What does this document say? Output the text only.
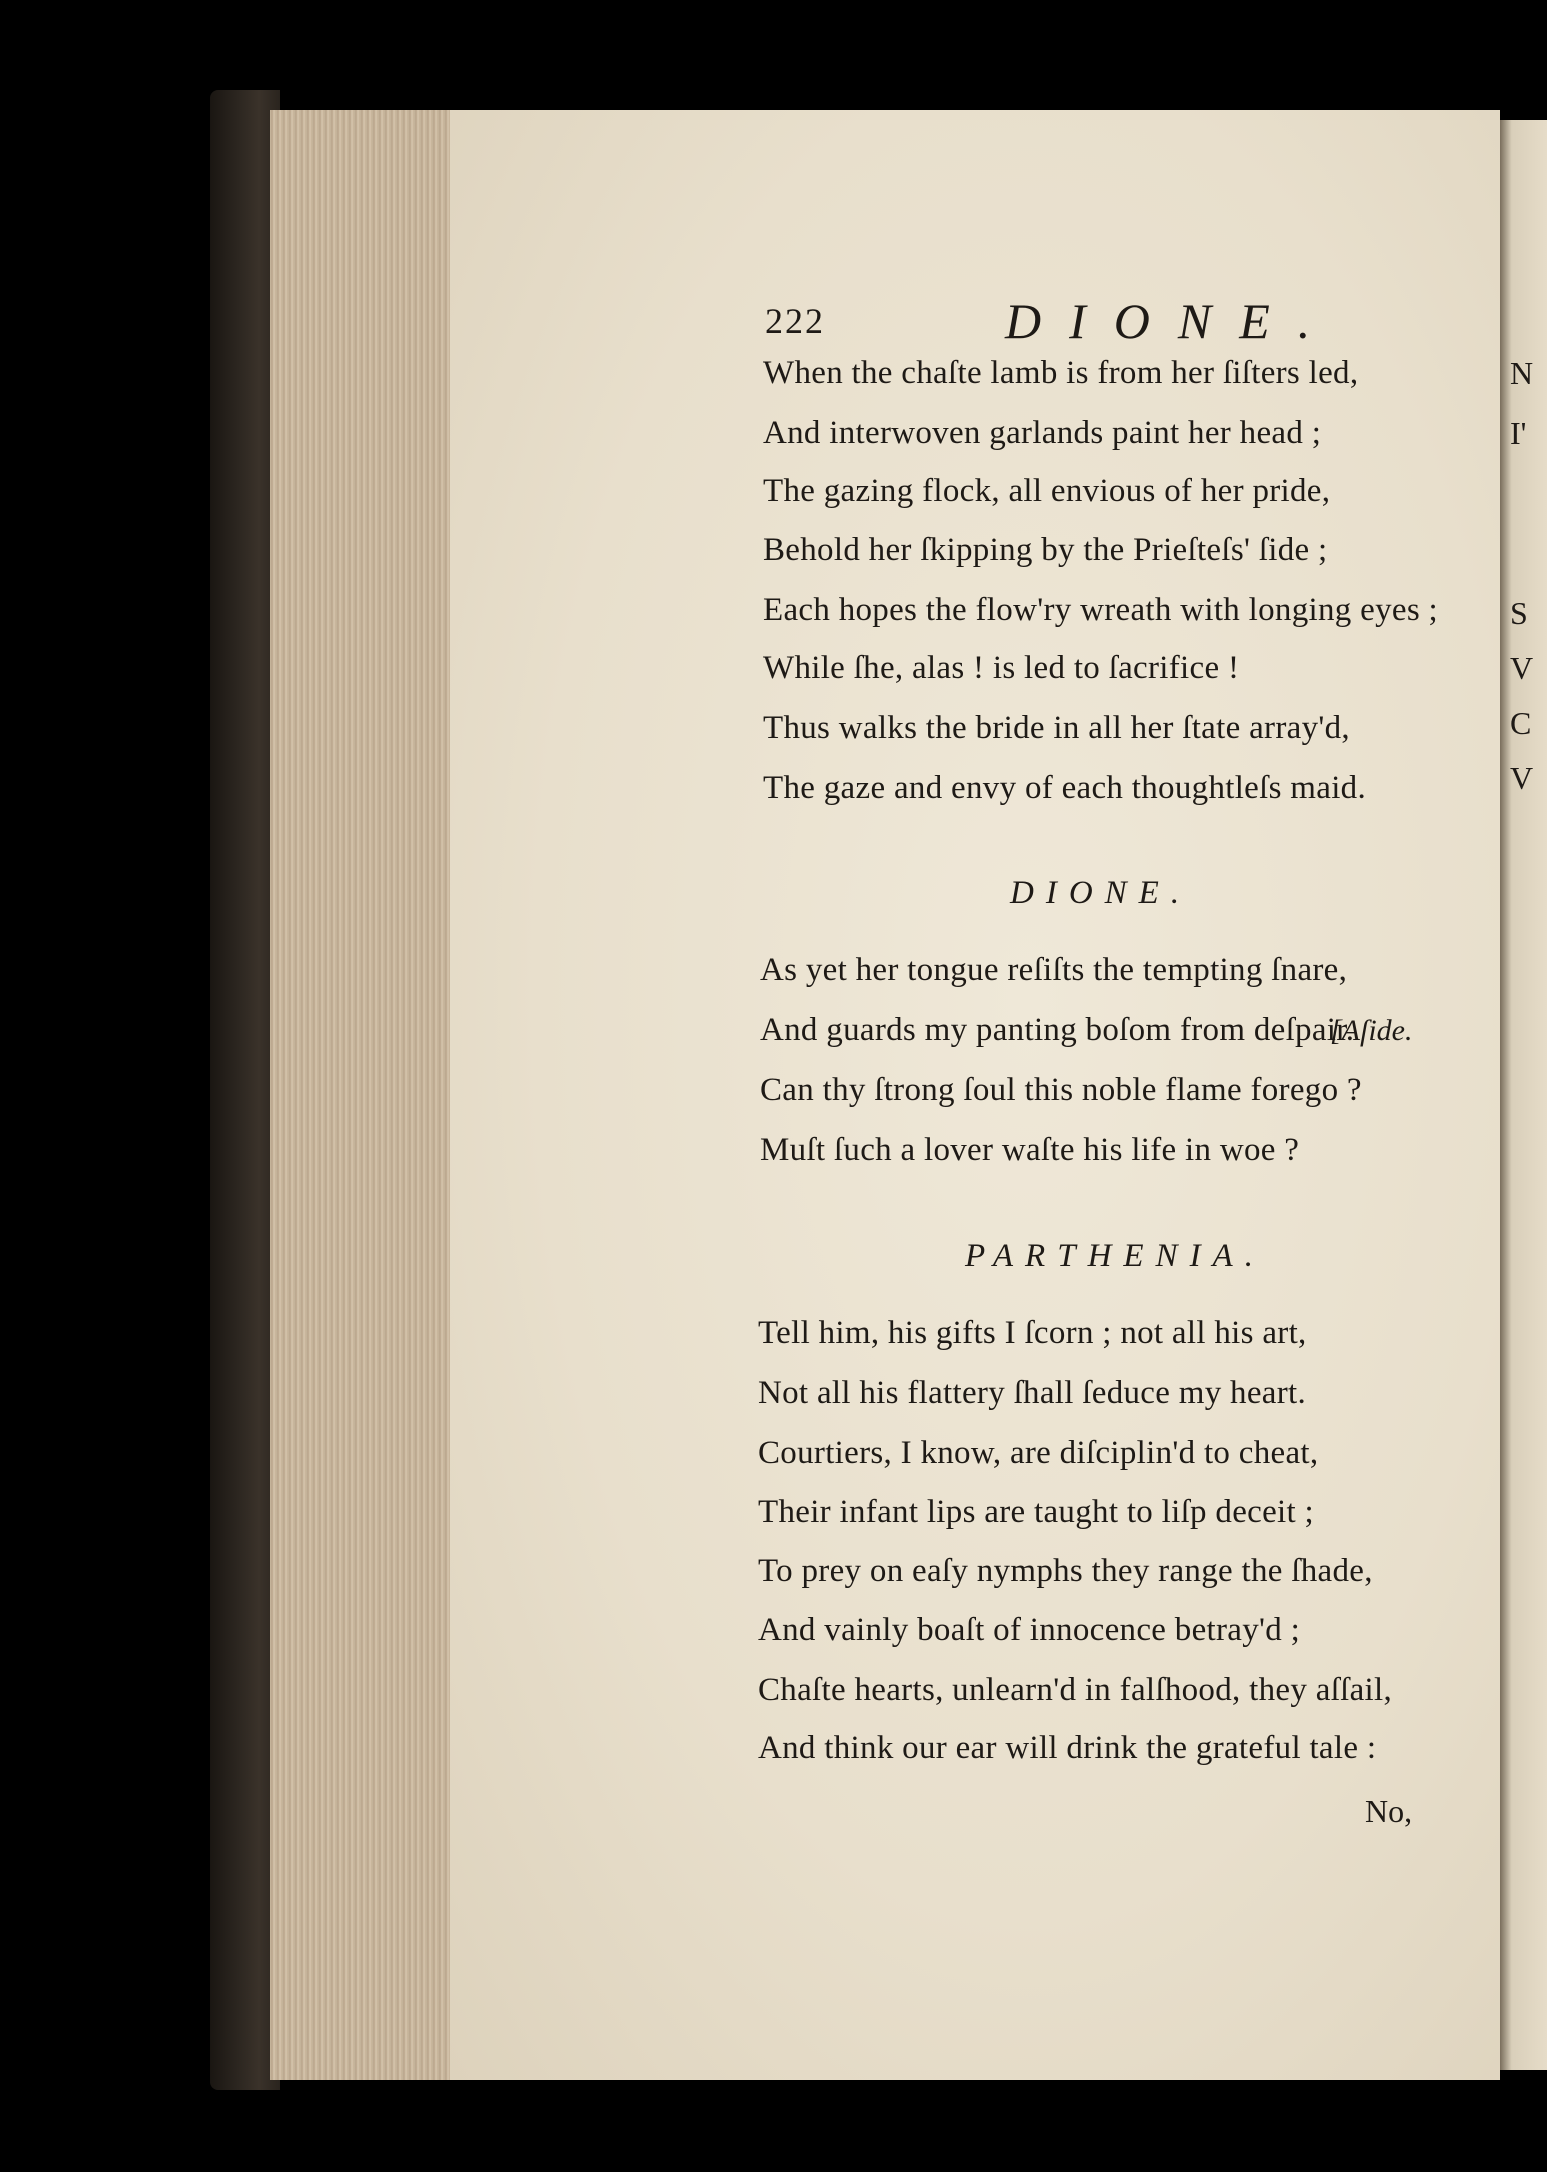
222	DIONE.
When the chaſte lamb is from her ſiſters led,
And interwoven garlands paint her head ;
The gazing flock, all envious of her pride,
Behold her ſkipping by the Prieſteſs' ſide ;
Each hopes the flow'ry wreath with longing eyes ;
While ſhe, alas ! is led to ſacrifice !
Thus walks the bride in all her ſtate array'd,
The gaze and envy of each thoughtleſs maid.
DIONE.
As yet her tongue reſiſts the tempting ſnare,
And guards my panting boſom from deſpair.
[Aſide.
Can thy ſtrong ſoul this noble flame forego ?
Muſt ſuch a lover waſte his life in woe ?
PARTHENIA.
Tell him, his gifts I ſcorn ; not all his art,
Not all his flattery ſhall ſeduce my heart.
Courtiers, I know, are diſciplin'd to cheat,
Their infant lips are taught to liſp deceit ;
To prey on eaſy nymphs they range the ſhade,
And vainly boaſt of innocence betray'd ;
Chaſte hearts, unlearn'd in falſhood, they aſſail,
And think our ear will drink the grateful tale :
No,
N
I'
S
V
C
V
